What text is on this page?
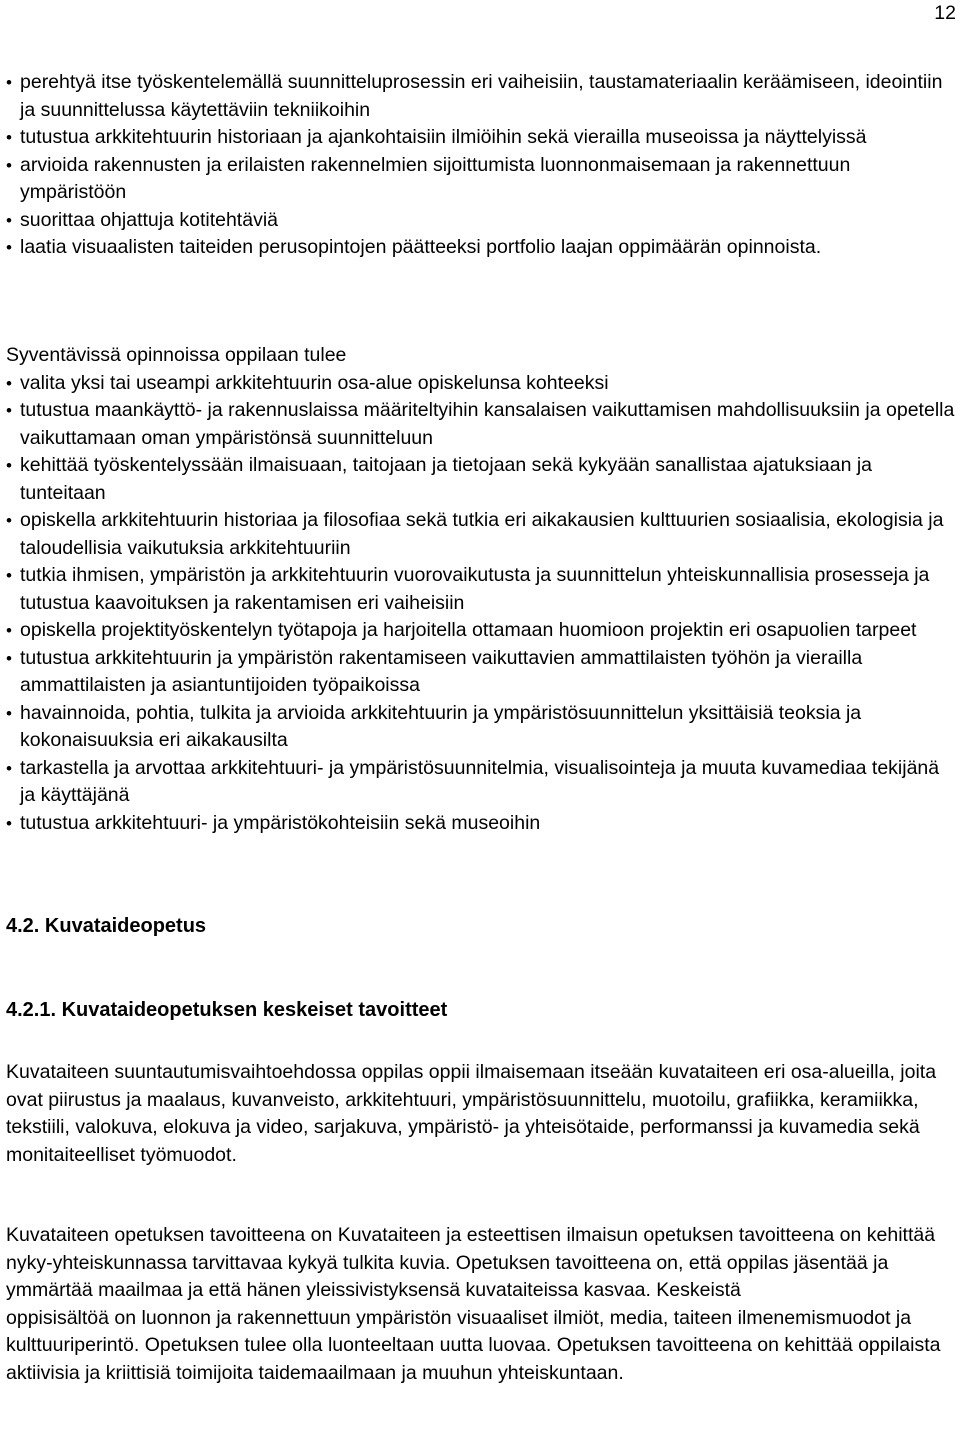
12
• perehtyä itse työskentelemällä suunnitteluprosessin eri vaiheisiin, taustamateriaalin keräämiseen, ideointiin ja suunnittelussa käytettäviin tekniikoihin
• tutustua arkkitehtuurin historiaan ja ajankohtaisiin ilmiöihin sekä vierailla museoissa ja näyttelyissä
• arvioida rakennusten ja erilaisten rakennelmien sijoittumista luonnonmaisemaan ja rakennettuun ympäristöön
• suorittaa ohjattuja kotitehtäviä
• laatia visuaalisten taiteiden perusopintojen päätteeksi portfolio laajan oppimäärän opinnoista.

Syventävissä opinnoissa oppilaan tulee

• valita yksi tai useampi arkkitehtuurin osa-alue opiskelunsa kohteeksi
• tutustua maankäyttö- ja rakennuslaissa määriteltyihin kansalaisen vaikuttamisen mahdollisuuksiin ja opetella vaikuttamaan oman ympäristönsä suunnitteluun
• kehittää työskentelyssään ilmaisuaan, taitojaan ja tietojaan sekä kykyään sanallistaa ajatuksiaan ja tunteitaan
• opiskella arkkitehtuurin historiaa ja filosofiaa sekä tutkia eri aikakausien kulttuurien sosiaalisia, ekologisia ja taloudellisia vaikutuksia arkkitehtuuriin
• tutkia ihmisen, ympäristön ja arkkitehtuurin vuorovaikutusta ja suunnittelun yhteiskunnallisia prosesseja ja tutustua kaavoituksen ja rakentamisen eri vaiheisiin
• opiskella projektityöskentelyn työtapoja ja harjoitella ottamaan huomioon projektin eri osapuolien tarpeet
• tutustua arkkitehtuurin ja ympäristön rakentamiseen vaikuttavien ammattilaisten työhön ja vierailla ammattilaisten ja asiantuntijoiden työpaikoissa
• havainnoida, pohtia, tulkita ja arvioida arkkitehtuurin ja ympäristösuunnittelun yksittäisiä teoksia ja kokonaisuuksia eri aikakausilta
• tarkastella ja arvottaa arkkitehtuuri- ja ympäristösuunnitelmia, visualisointeja ja muuta kuvamediaa tekijänä ja käyttäjänä
• tutustua arkkitehtuuri- ja ympäristökohteisiin sekä museoihin
4.2. Kuvataideopetus
4.2.1. Kuvataideopetuksen keskeiset tavoitteet

Kuvataiteen suuntautumisvaihtoehdossa oppilas oppii ilmaisemaan itseään kuvataiteen eri osa-alueilla, joita ovat piirustus ja maalaus, kuvanveisto, arkkitehtuuri, ympäristösuunnittelu, muotoilu, grafiikka, keramiikka, tekstiili, valokuva, elokuva ja video, sarjakuva, ympäristö- ja yhteisötaide, performanssi ja kuvamedia sekä monitaiteelliset työmuodot.

Kuvataiteen opetuksen tavoitteena on Kuvataiteen ja esteettisen ilmaisun opetuksen tavoitteena on kehittää nyky-yhteiskunnassa tarvittavaa kykyä tulkita kuvia. Opetuksen tavoitteena on, että oppilas jäsentää ja ymmärtää maailmaa ja että hänen yleissivistyksensä kuvataiteissa kasvaa. Keskeistä

oppisisältöä on luonnon ja rakennettuun ympäristön visuaaliset ilmiöt, media, taiteen ilmenemismuodot ja kulttuuriperintö. Opetuksen tulee olla luonteeltaan uutta luovaa. Opetuksen tavoitteena on kehittää oppilaista aktiivisia ja kriittisiä toimijoita taidemaailmaan ja muuhun yhteiskuntaan.
